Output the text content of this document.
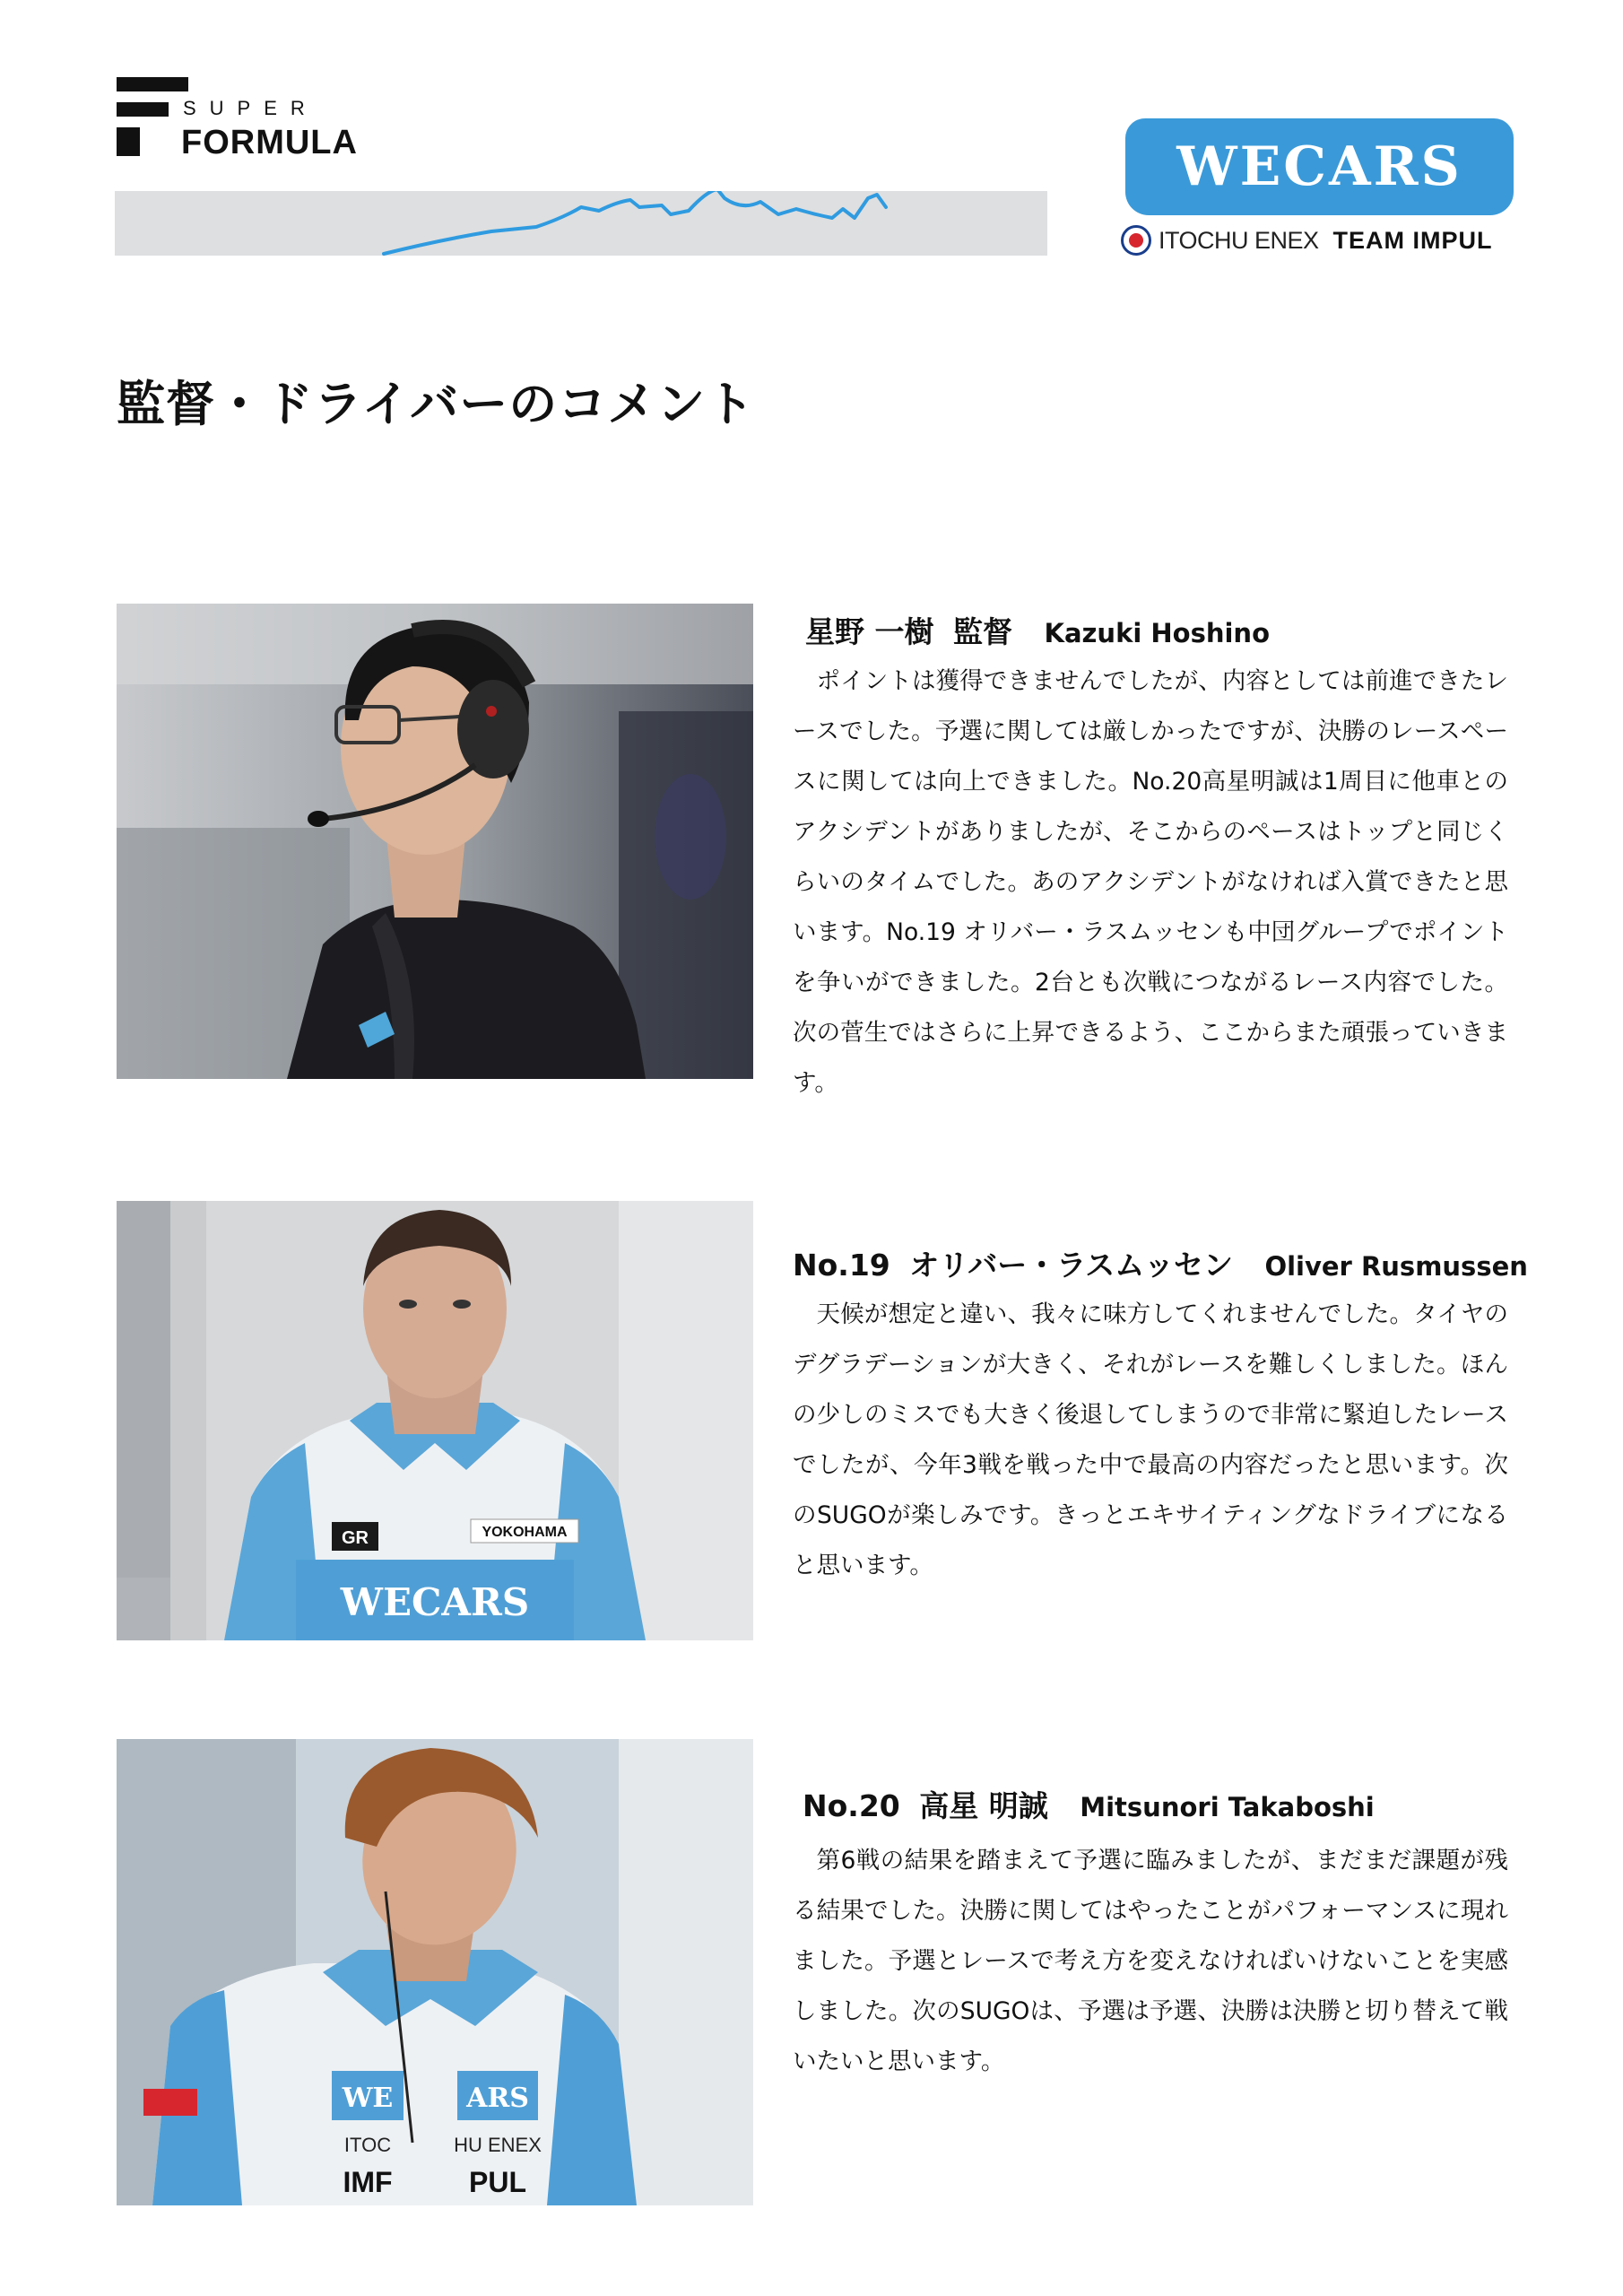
SUPER
FORMULA	WECARS
ITOCHU ENEX TEAM IMPUL
監督・ドライバーのコメント
星野 一樹 監督 Kazuki Hoshino

ポイントは獲得できませんでしたが、内容としては前進できたレースでした。予選に関しては厳しかったですが、決勝のレースペースに関しては向上できました。No.20高星明誠は1周目に他車とのアクシデントがありましたが、そこからのペースはトップと同じくらいのタイムでした。あのアクシデントがなければ入賞できたと思います。No.19 オリバー・ラスムッセンも中団グループでポイントを争いができました。2台とも次戦につながるレース内容でした。次の菅生ではさらに上昇できるよう、ここからまた頑張っていきます。

WECARS
YOKOHAMA
GR
No.19 オリバー・ラスムッセン Oliver Rusmussen

天候が想定と違い、我々に味方してくれませんでした。タイヤのデグラデーションが大きく、それがレースを難しくしました。ほんの少しのミスでも大きく後退してしまうので非常に緊迫したレースでしたが、今年3戦を戦った中で最高の内容だったと思います。次のSUGOが楽しみです。きっとエキサイティングなドライブになると思います。

WE	ARS
ITOC	HU ENEX
IMF	PUL
No.20 高星 明誠 Mitsunori Takaboshi

第6戦の結果を踏まえて予選に臨みましたが、まだまだ課題が残る結果でした。決勝に関してはやったことがパフォーマンスに現れました。予選とレースで考え方を変えなければいけないことを実感しました。次のSUGOは、予選は予選、決勝は決勝と切り替えて戦いたいと思います。
